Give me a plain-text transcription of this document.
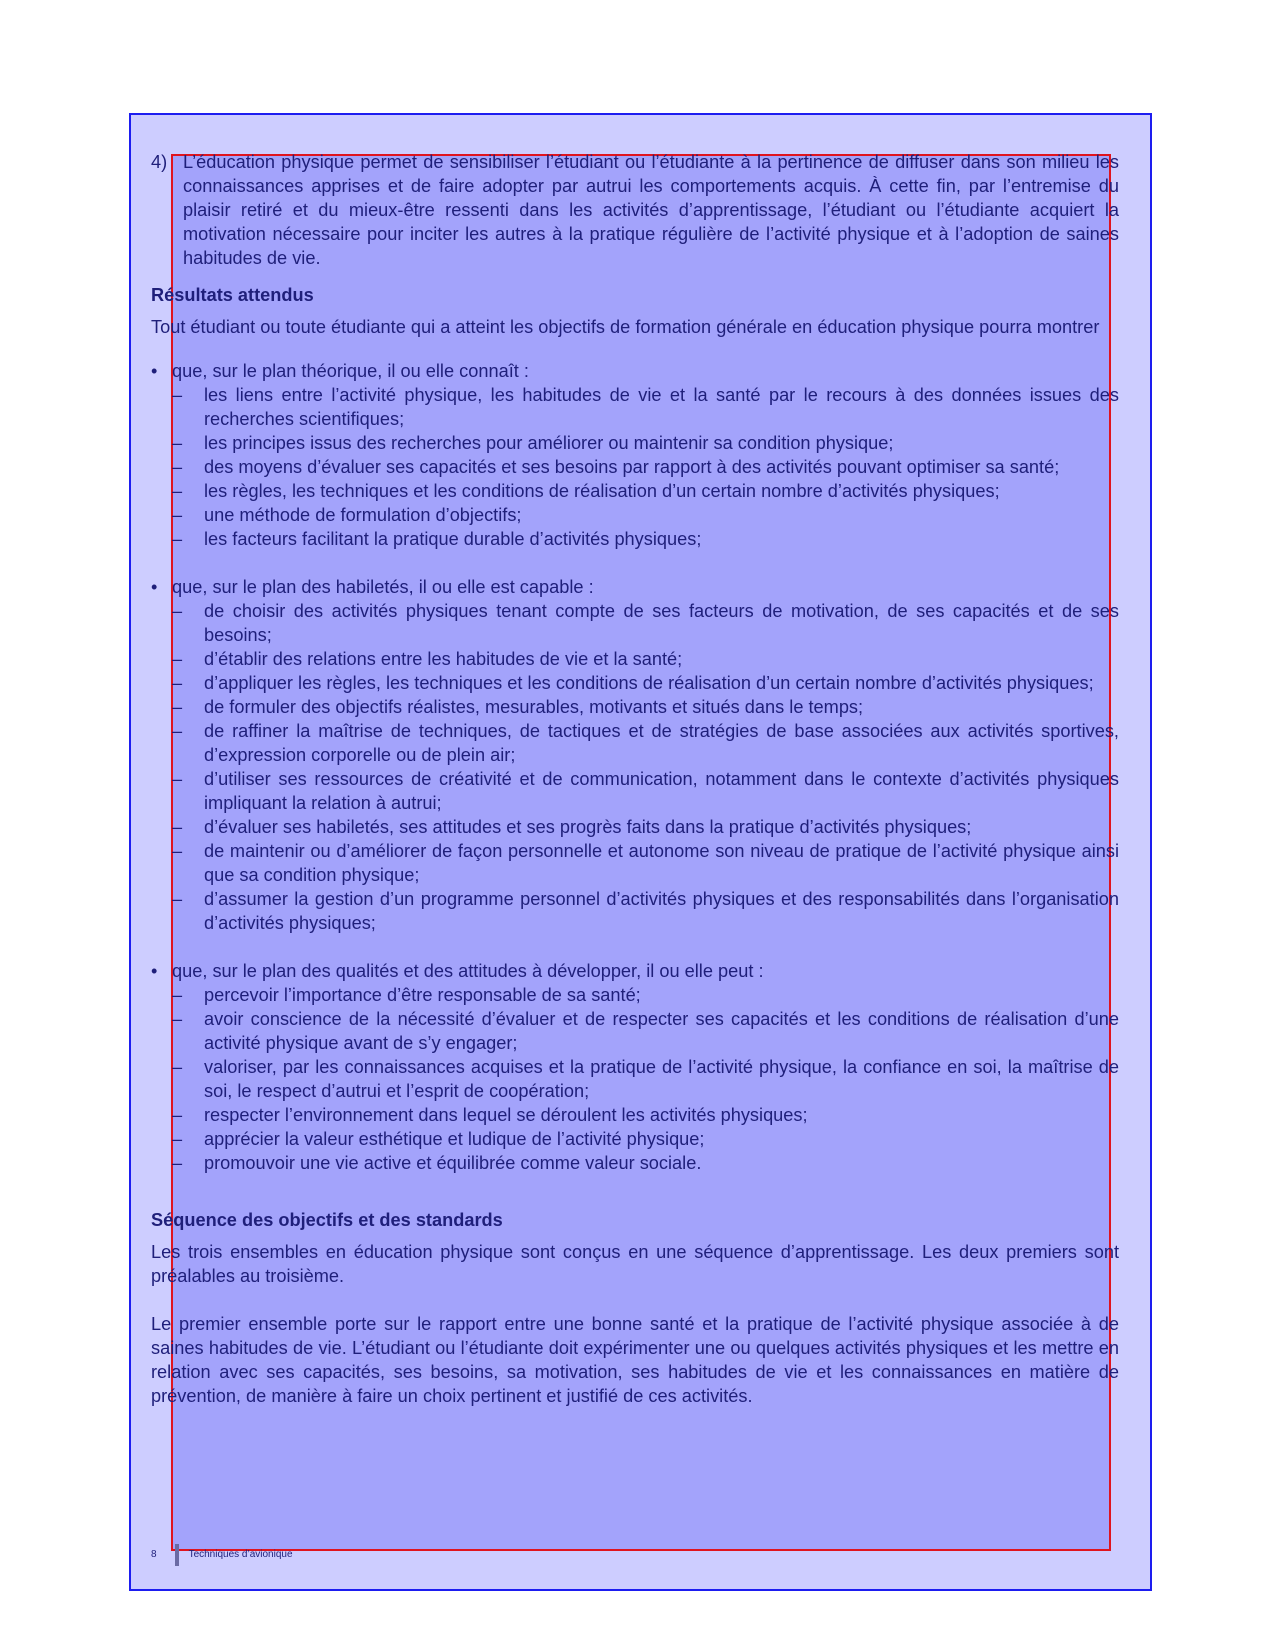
4) L’éducation physique permet de sensibiliser l’étudiant ou l’étudiante à la pertinence de diffuser dans son milieu les connaissances apprises et de faire adopter par autrui les comportements acquis. À cette fin, par l’entremise du plaisir retiré et du mieux-être ressenti dans les activités d’apprentissage, l’étudiant ou l’étudiante acquiert la motivation nécessaire pour inciter les autres à la pratique régulière de l’activité physique et à l’adoption de saines habitudes de vie.
Résultats attendus

Tout étudiant ou toute étudiante qui a atteint les objectifs de formation générale en éducation physique pourra montrer

• que, sur le plan théorique, il ou elle connaît :
–	les liens entre l’activité physique, les habitudes de vie et la santé par le recours à des données issues des recherches scientifiques;
–	les principes issus des recherches pour améliorer ou maintenir sa condition physique;
–	des moyens d’évaluer ses capacités et ses besoins par rapport à des activités pouvant optimiser sa santé;
–	les règles, les techniques et les conditions de réalisation d’un certain nombre d’activités physiques;
–	une méthode de formulation d’objectifs;
–	les facteurs facilitant la pratique durable d’activités physiques;
• que, sur le plan des habiletés, il ou elle est capable :
–	de choisir des activités physiques tenant compte de ses facteurs de motivation, de ses capacités et de ses besoins;
–	d’établir des relations entre les habitudes de vie et la santé;
–	d’appliquer les règles, les techniques et les conditions de réalisation d’un certain nombre d’activités physiques;
–	de formuler des objectifs réalistes, mesurables, motivants et situés dans le temps;
–	de raffiner la maîtrise de techniques, de tactiques et de stratégies de base associées aux activités sportives, d’expression corporelle ou de plein air;
–	d’utiliser ses ressources de créativité et de communication, notamment dans le contexte d’activités physiques impliquant la relation à autrui;
–	d’évaluer ses habiletés, ses attitudes et ses progrès faits dans la pratique d’activités physiques;
–	de maintenir ou d’améliorer de façon personnelle et autonome son niveau de pratique de l’activité physique ainsi que sa condition physique;
–	d’assumer la gestion d’un programme personnel d’activités physiques et des responsabilités dans l’organisation d’activités physiques;
• que, sur le plan des qualités et des attitudes à développer, il ou elle peut :
–	percevoir l’importance d’être responsable de sa santé;
–	avoir conscience de la nécessité d’évaluer et de respecter ses capacités et les conditions de réalisation d’une activité physique avant de s’y engager;
–	valoriser, par les connaissances acquises et la pratique de l’activité physique, la confiance en soi, la maîtrise de soi, le respect d’autrui et l’esprit de coopération;
–	respecter l’environnement dans lequel se déroulent les activités physiques;
–	apprécier la valeur esthétique et ludique de l’activité physique;
–	promouvoir une vie active et équilibrée comme valeur sociale.
Séquence des objectifs et des standards

Les trois ensembles en éducation physique sont conçus en une séquence d’apprentissage. Les deux premiers sont préalables au troisième.

Le premier ensemble porte sur le rapport entre une bonne santé et la pratique de l’activité physique associée à de saines habitudes de vie. L’étudiant ou l’étudiante doit expérimenter une ou quelques activités physiques et les mettre en relation avec ses capacités, ses besoins, sa motivation, ses habitudes de vie et les connaissances en matière de prévention, de manière à faire un choix pertinent et justifié de ces activités.

8	Techniques d’avionique
